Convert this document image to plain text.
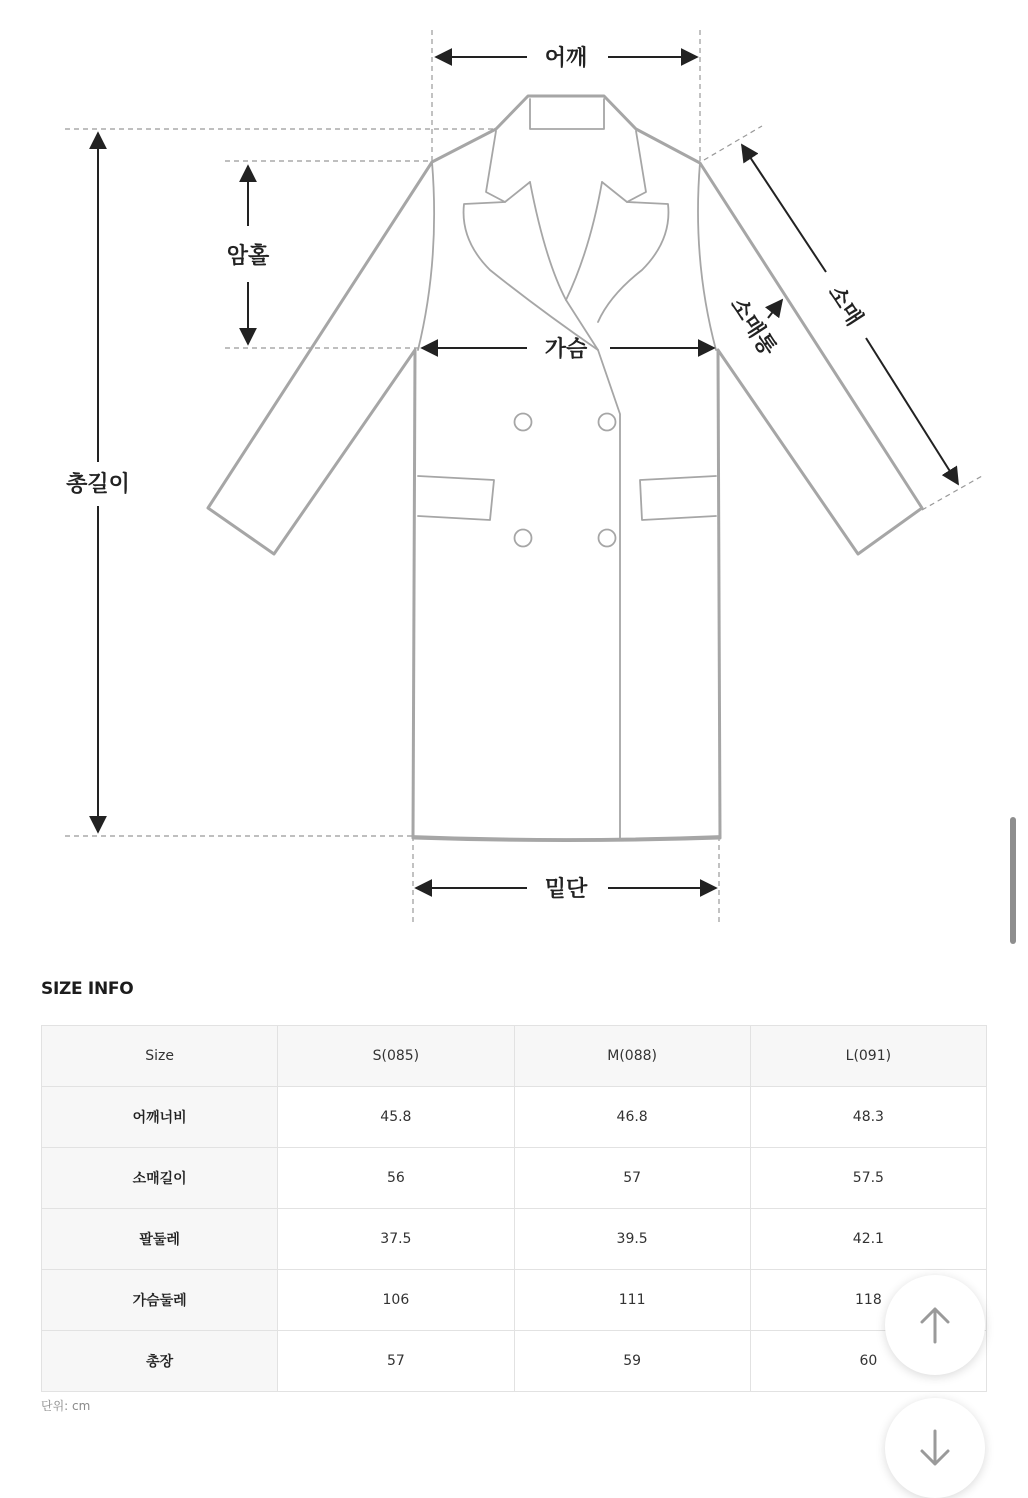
어깨
암홀
가슴
총길이
밑단
소매
소매통
SIZE INFO
Size	S(085)	M(088)	L(091)
어깨너비	45.8	46.8	48.3
소매길이	56	57	57.5
팔둘레	37.5	39.5	42.1
가슴둘레	106	111	118
총장	57	59	60
단위: cm
